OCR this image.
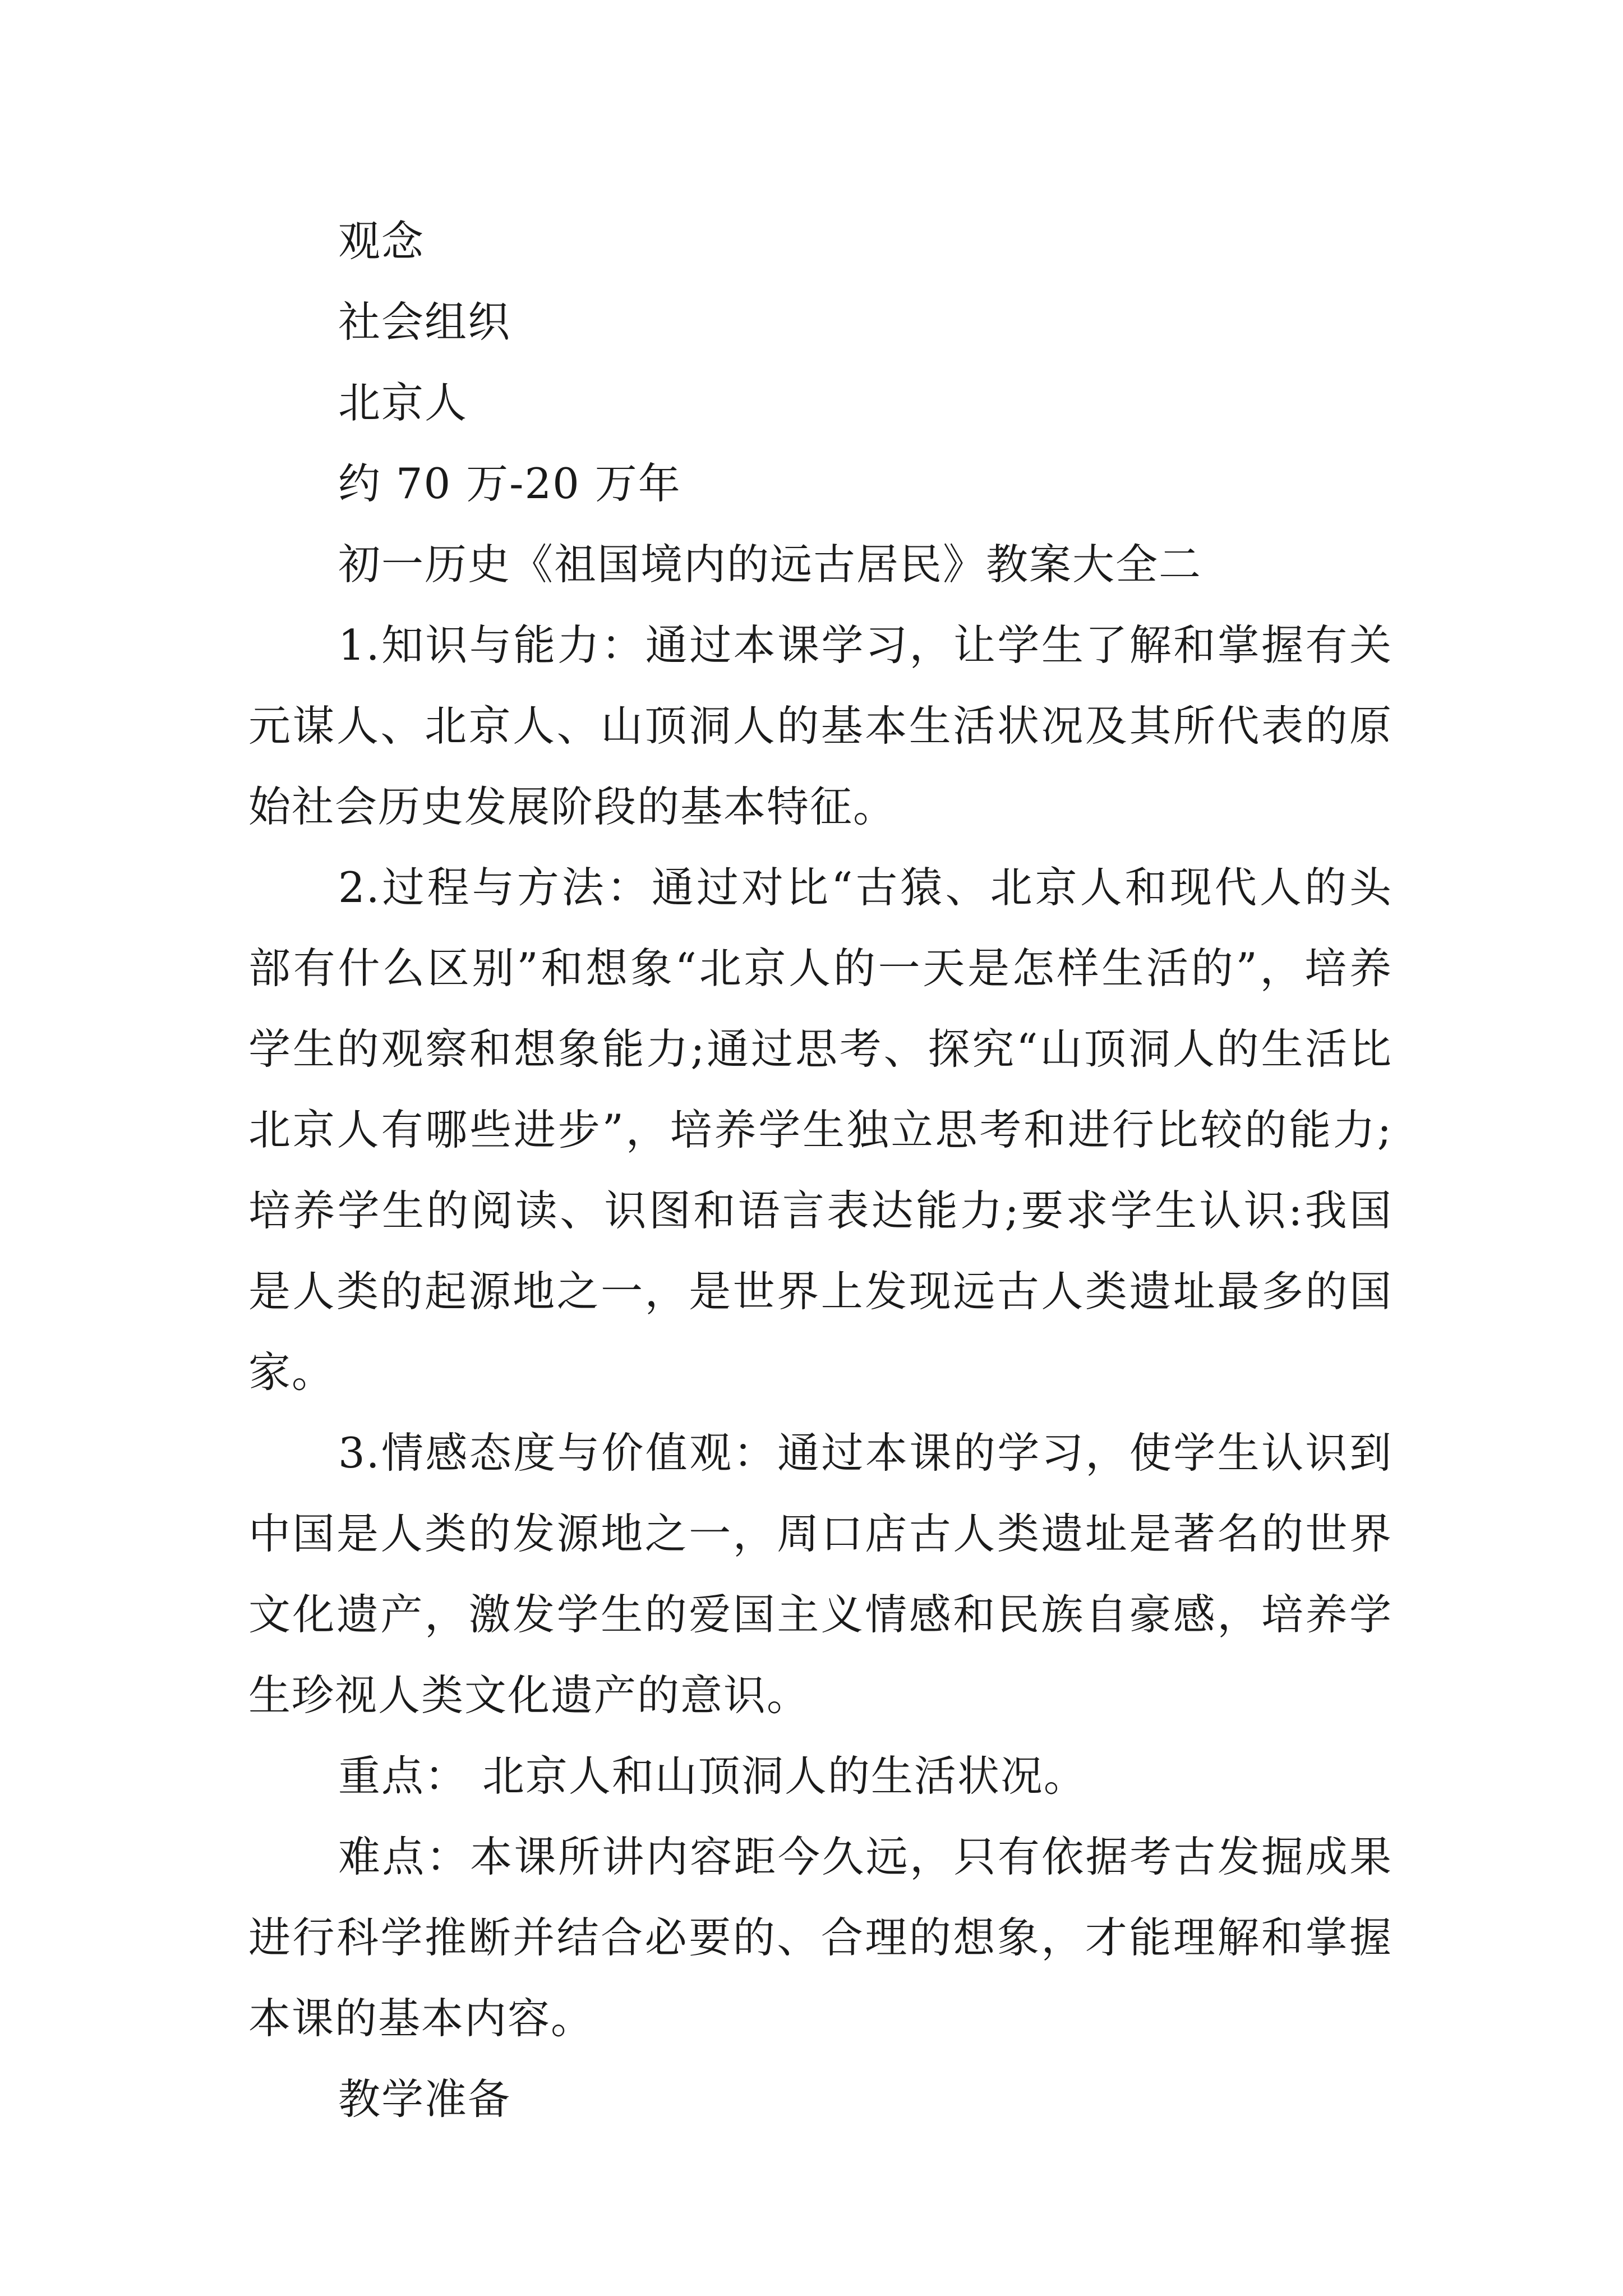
观念

社会组织

北京人

约 70 万-20 万年

初一历史《祖国境内的远古居民》教案大全二

1.知识与能力：通过本课学习，让学生了解和掌握有关元谋人、北京人、山顶洞人的基本生活状况及其所代表的原始社会历史发展阶段的基本特征。

2.过程与方法：通过对比“古猿、北京人和现代人的头部有什么区别”和想象“北京人的一天是怎样生活的”，培养学生的观察和想象能力;通过思考、探究“山顶洞人的生活比北京人有哪些进步”，培养学生独立思考和进行比较的能力;培养学生的阅读、识图和语言表达能力;要求学生认识:我国是人类的起源地之一，是世界上发现远古人类遗址最多的国家。

3.情感态度与价值观：通过本课的学习，使学生认识到中国是人类的发源地之一，周口店古人类遗址是著名的世界文化遗产，激发学生的爱国主义情感和民族自豪感，培养学生珍视人类文化遗产的意识。

重点： 北京人和山顶洞人的生活状况。

难点：本课所讲内容距今久远，只有依据考古发掘成果进行科学推断并结合必要的、合理的想象，才能理解和掌握本课的基本内容。

教学准备
